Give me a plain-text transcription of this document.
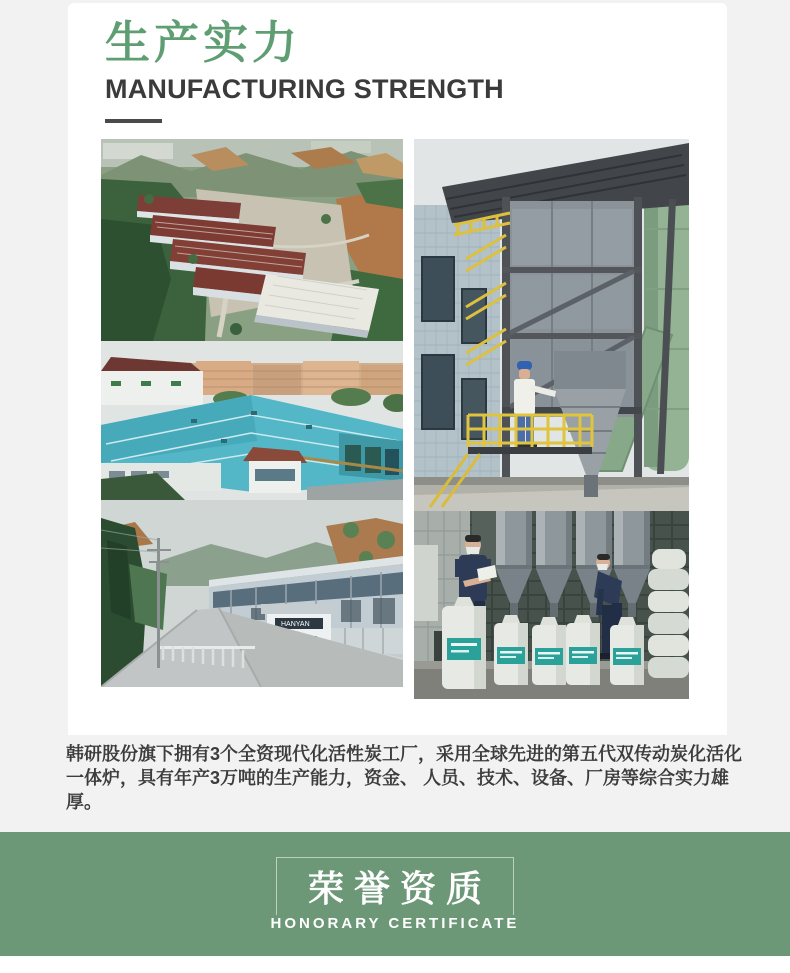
生产实力
MANUFACTURING STRENGTH
HANYAN

韩研股份旗下拥有3个全资现代化活性炭工厂，采用全球先进的第五代双传动炭化活化一体炉，具有年产3万吨的生产能力，资金、 人员、技术、设备、厂房等综合实力雄厚。

荣誉资质
HONORARY CERTIFICATE
